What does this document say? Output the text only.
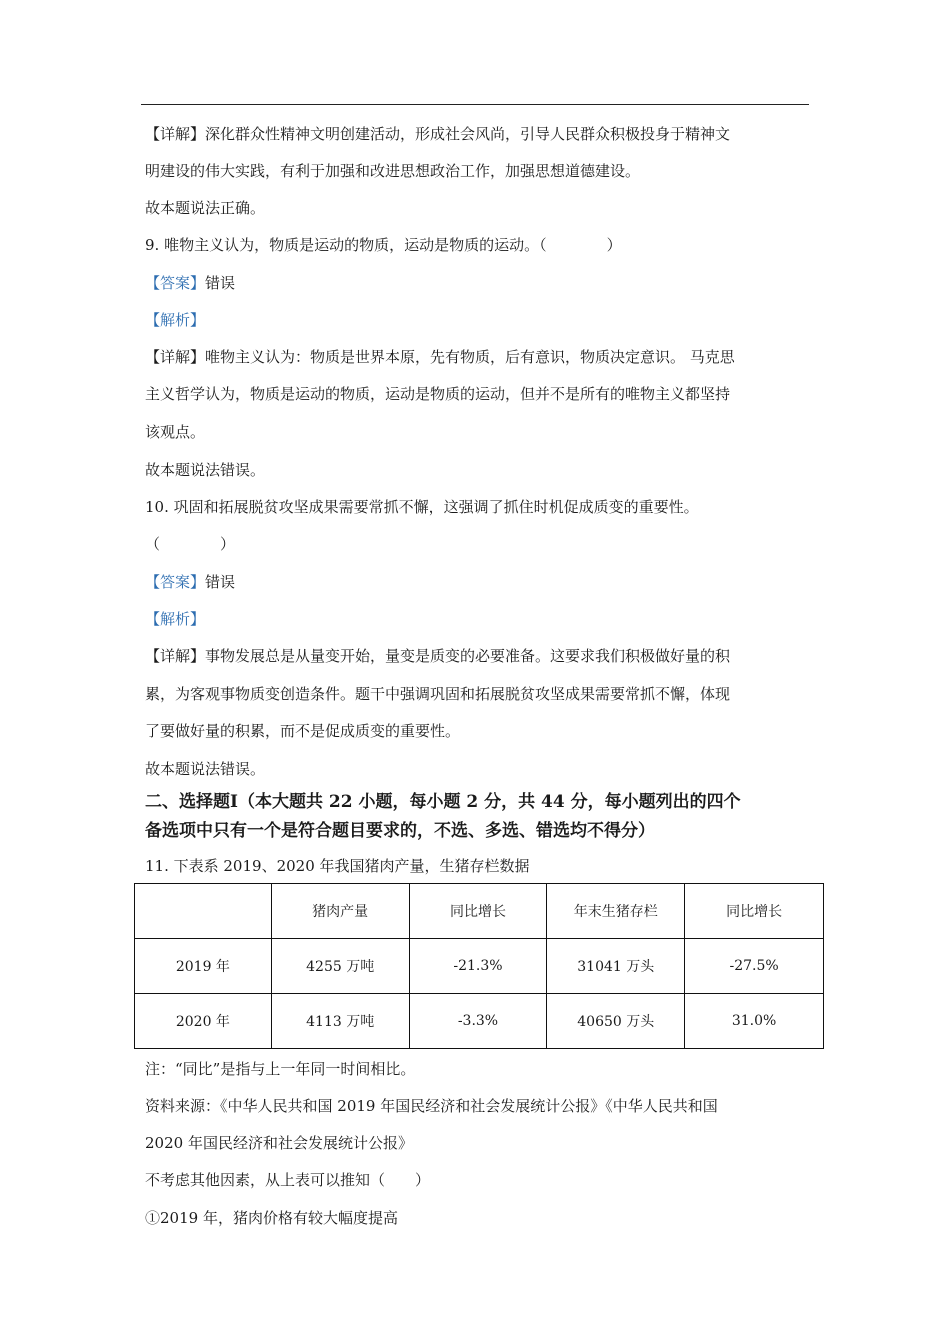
【详解】深化群众性精神文明创建活动，形成社会风尚，引导人民群众积极投身于精神文
明建设的伟大实践，有利于加强和改进思想政治工作，加强思想道德建设。
故本题说法正确。
9. 唯物主义认为，物质是运动的物质，运动是物质的运动。（　　　　）
【答案】错误
【解析】
【详解】唯物主义认为：物质是世界本原，先有物质，后有意识，物质决定意识。 马克思
主义哲学认为，物质是运动的物质，运动是物质的运动，但并不是所有的唯物主义都坚持
该观点。
故本题说法错误。
10. 巩固和拓展脱贫攻坚成果需要常抓不懈，这强调了抓住时机促成质变的重要性。
（　　　　）
【答案】错误
【解析】
【详解】事物发展总是从量变开始，量变是质变的必要准备。这要求我们积极做好量的积
累，为客观事物质变创造条件。题干中强调巩固和拓展脱贫攻坚成果需要常抓不懈，体现
了要做好量的积累，而不是促成质变的重要性。
故本题说法错误。
二、选择题Ⅰ（本大题共 22 小题，每小题 2 分，共 44 分，每小题列出的四个
备选项中只有一个是符合题目要求的，不选、多选、错选均不得分）
11. 下表系 2019、2020 年我国猪肉产量，生猪存栏数据
	猪肉产量	同比增长	年末生猪存栏	同比增长
2019 年	4255 万吨	-21.3%	31041 万头	-27.5%
2020 年	4113 万吨	-3.3%	40650 万头	31.0%
注：“同比”是指与上一年同一时间相比。
资料来源：《中华人民共和国 2019 年国民经济和社会发展统计公报》《中华人民共和国
2020 年国民经济和社会发展统计公报》
不考虑其他因素，从上表可以推知（　　）
①2019 年，猪肉价格有较大幅度提高
